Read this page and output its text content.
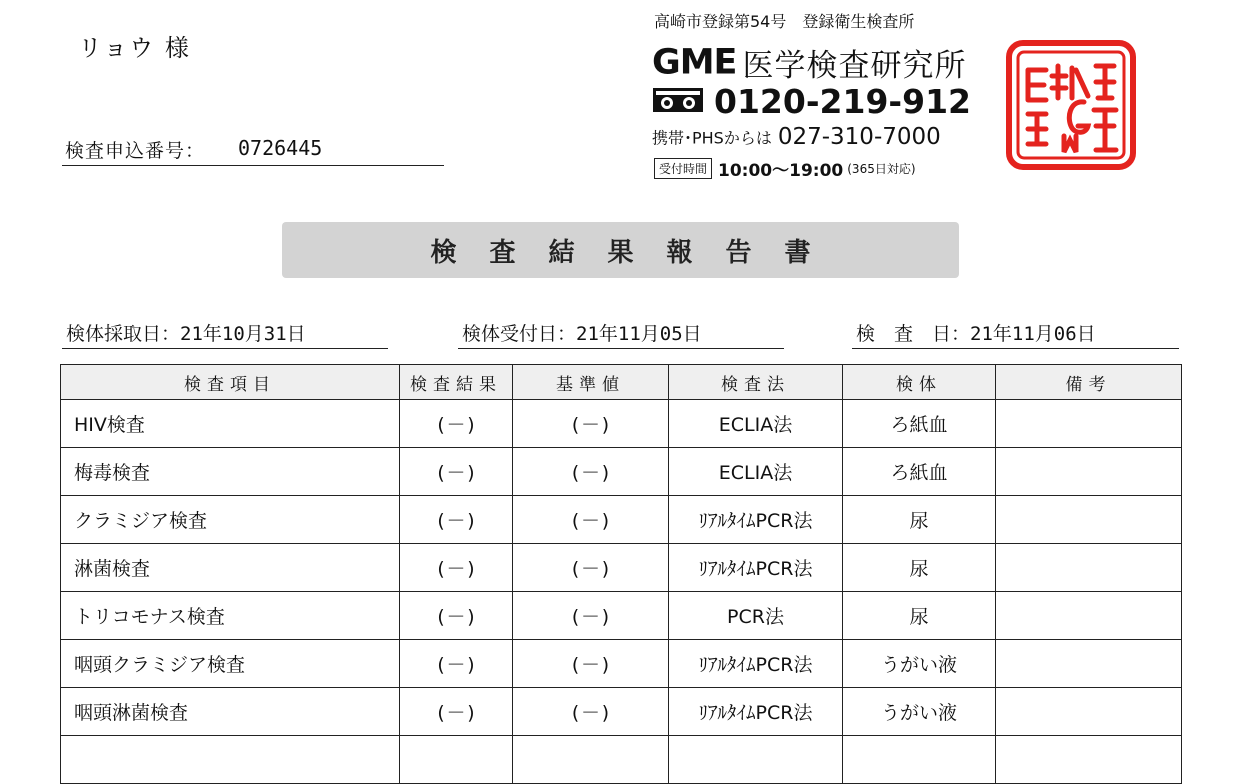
リョウ 様
検査申込番号： 0726445
高崎市登録第54号　登録衛生検査所
GME 医学検査研究所
0120-219-912
携帯･PHSからは 027-310-7000
受付時間 10:00〜19:00 (365日対応)
検査結果報告書
検体採取日：21年10月31日	検体受付日：21年11月05日	検　査　日：21年11月06日
検査項目	検査結果	基準値	検査法	検体	備考
HIV検査	(－)	(－)	ECLIA法	ろ紙血	
梅毒検査	(－)	(－)	ECLIA法	ろ紙血	
クラミジア検査	(－)	(－)	ﾘｱﾙﾀｲﾑPCR法	尿	
淋菌検査	(－)	(－)	ﾘｱﾙﾀｲﾑPCR法	尿	
トリコモナス検査	(－)	(－)	PCR法	尿	
咽頭クラミジア検査	(－)	(－)	ﾘｱﾙﾀｲﾑPCR法	うがい液	
咽頭淋菌検査	(－)	(－)	ﾘｱﾙﾀｲﾑPCR法	うがい液	
